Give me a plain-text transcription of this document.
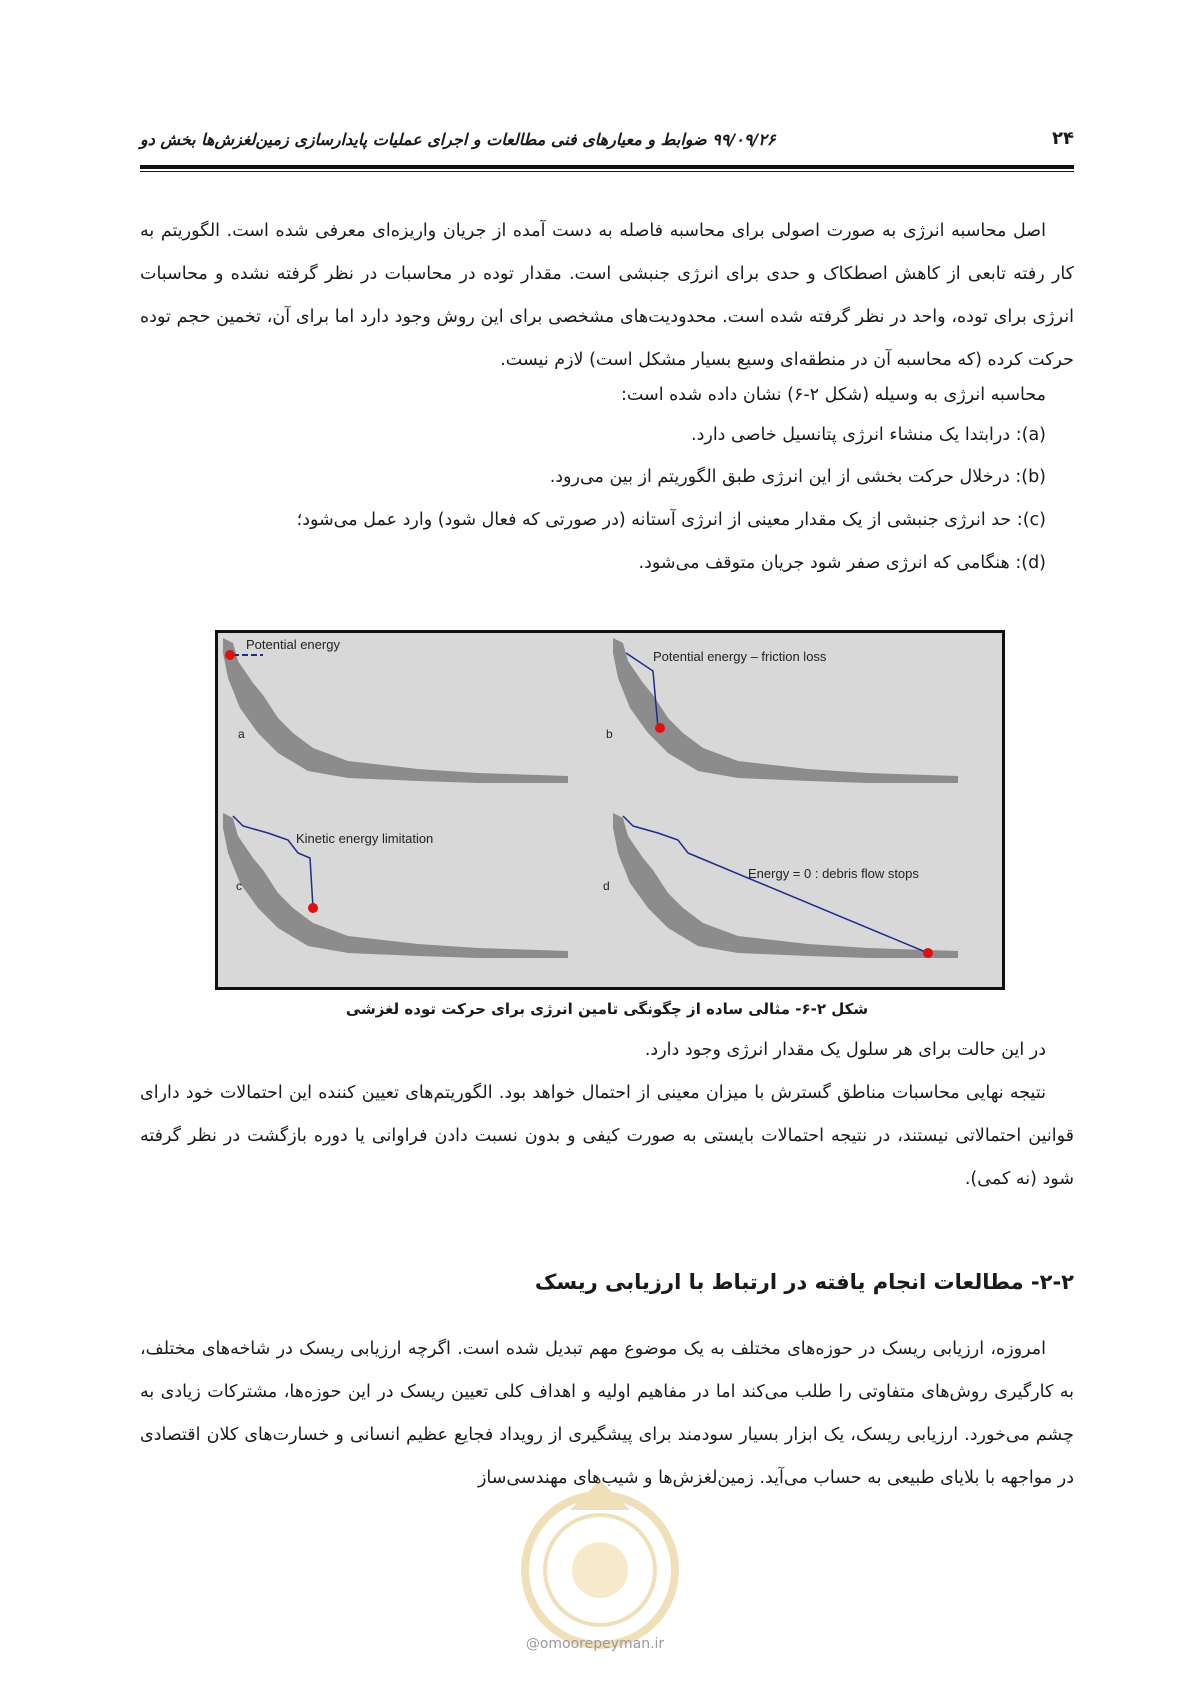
۲۴
۹۹/۰۹/۲۶ ضوابط و معیارهای فنی مطالعات و اجرای عملیات پایدارسازی زمین‌لغزش‌ها بخش دو

اصل محاسبه انرژی به صورت اصولی برای محاسبه فاصله به دست آمده از جریان واریزه‌ای معرفی شده است. الگوریتم به کار رفته تابعی از کاهش اصطکاک و حدی برای انرژی جنبشی است. مقدار توده در محاسبات در نظر گرفته نشده و محاسبات انرژی برای توده، واحد در نظر گرفته شده است. محدودیت‌های مشخصی برای این روش وجود دارد اما برای آن، تخمین حجم توده حرکت کرده (که محاسبه آن در منطقه‌ای وسیع بسیار مشکل است) لازم نیست.

محاسبه انرژی به وسیله (شکل ۲-۶) نشان داده شده است:

(a): درابتدا یک منشاء انرژی پتانسیل خاصی دارد.

(b): درخلال حرکت بخشی از این انرژی طبق الگوریتم از بین می‌رود.

(c): حد انرژی جنبشی از یک مقدار معینی از انرژی آستانه (در صورتی که فعال شود) وارد عمل می‌شود؛

(d): هنگامی که انرژی صفر شود جریان متوقف می‌شود.

Potential energy
a
Potential energy – friction loss
b
Kinetic energy limitation
c
Energy = 0 : debris flow stops
d

شکل ۲-۶- مثالی ساده از چگونگی تامین انرژی برای حرکت توده لغزشی

در این حالت برای هر سلول یک مقدار انرژی وجود دارد.

نتیجه نهایی محاسبات مناطق گسترش با میزان معینی از احتمال خواهد بود. الگوریتم‌های تعیین کننده این احتمالات خود دارای قوانین احتمالاتی نیستند، در نتیجه احتمالات بایستی به صورت کیفی و بدون نسبت دادن فراوانی یا دوره بازگشت در نظر گرفته شود (نه کمی).

۲-۲- مطالعات انجام یافته در ارتباط با ارزیابی ریسک

امروزه، ارزیابی ریسک در حوزه‌های مختلف به یک موضوع مهم تبدیل شده است. اگرچه ارزیابی ریسک در شاخه‌های مختلف، به کارگیری روش‌های متفاوتی را طلب می‌کند اما در مفاهیم اولیه و اهداف کلی تعیین ریسک در این حوزه‌ها، مشترکات زیادی به چشم می‌خورد. ارزیابی ریسک، یک ابزار بسیار سودمند برای پیشگیری از رویداد فجایع عظیم انسانی و خسارت‌های کلان اقتصادی در مواجهه با بلایای طبیعی به حساب می‌آید. زمین‌لغزش‌ها و شیب‌های مهندسی‌ساز

@omoorepeyman.ir
